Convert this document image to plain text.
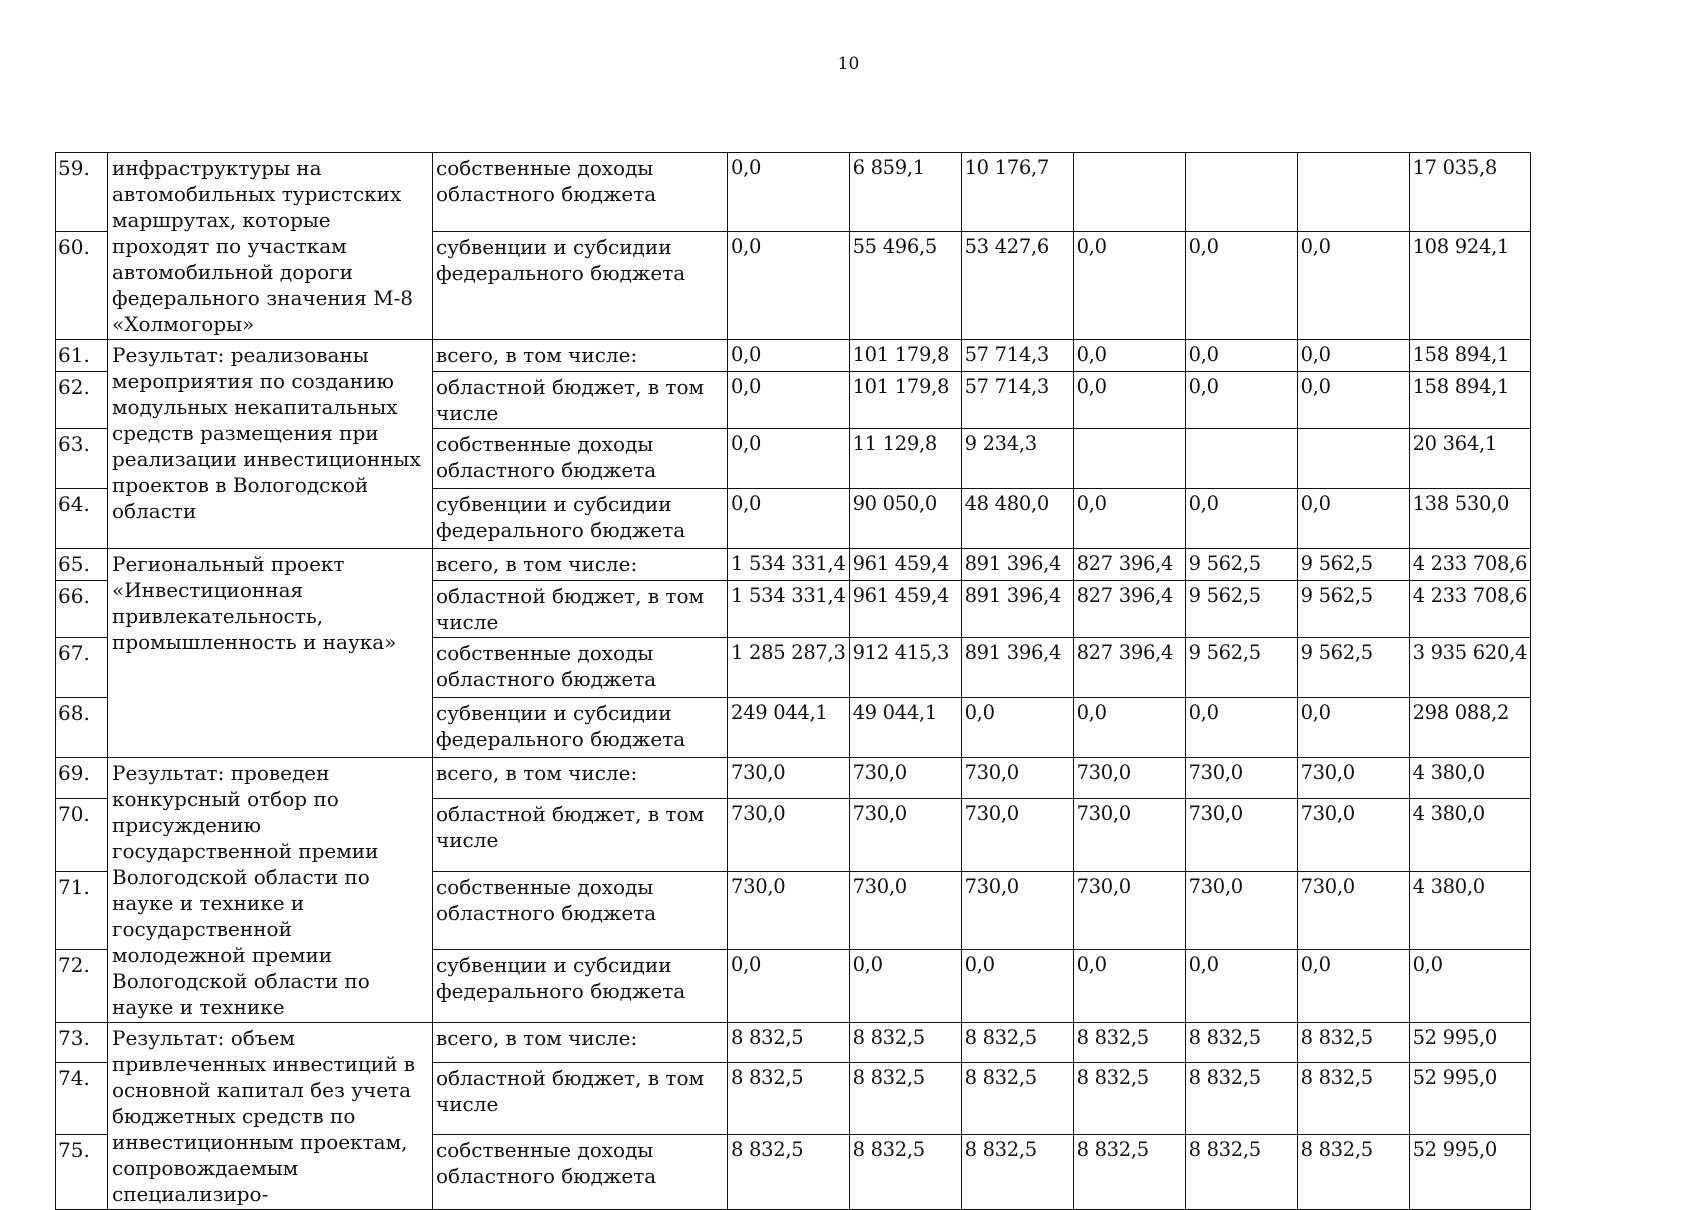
10
59.	инфраструктуры на автомобильных туристских маршрутах, которые проходят по участкам автомобильной дороги федерального значения М-8 «Холмогоры»	собственные доходы областного бюджета	0,0	6 859,1	10 176,7				17 035,8
60.		субвенции и субсидии федерального бюджета	0,0	55 496,5	53 427,6	0,0	0,0	0,0	108 924,1
61.	Результат: реализованы мероприятия по созданию модульных некапитальных средств размещения при реализации инвестиционных проектов в Вологодской области	всего, в том числе:	0,0	101 179,8	57 714,3	0,0	0,0	0,0	158 894,1
62.		областной бюджет, в том числе	0,0	101 179,8	57 714,3	0,0	0,0	0,0	158 894,1
63.		собственные доходы областного бюджета	0,0	11 129,8	9 234,3				20 364,1
64.		субвенции и субсидии федерального бюджета	0,0	90 050,0	48 480,0	0,0	0,0	0,0	138 530,0
65.	Региональный проект «Инвестиционная привлекательность, промышленность и наука»	всего, в том числе:	1 534 331,4	961 459,4	891 396,4	827 396,4	9 562,5	9 562,5	4 233 708,6
66.		областной бюджет, в том числе	1 534 331,4	961 459,4	891 396,4	827 396,4	9 562,5	9 562,5	4 233 708,6
67.		собственные доходы областного бюджета	1 285 287,3	912 415,3	891 396,4	827 396,4	9 562,5	9 562,5	3 935 620,4
68.		субвенции и субсидии федерального бюджета	249 044,1	49 044,1	0,0	0,0	0,0	0,0	298 088,2
69.	Результат: проведен конкурсный отбор по присуждению государственной премии Вологодской области по науке и технике и государственной молодежной премии Вологодской области по науке и технике	всего, в том числе:	730,0	730,0	730,0	730,0	730,0	730,0	4 380,0
70.		областной бюджет, в том числе	730,0	730,0	730,0	730,0	730,0	730,0	4 380,0
71.		собственные доходы областного бюджета	730,0	730,0	730,0	730,0	730,0	730,0	4 380,0
72.		субвенции и субсидии федерального бюджета	0,0	0,0	0,0	0,0	0,0	0,0	0,0
73.	Результат: объем привлеченных инвестиций в основной капитал без учета бюджетных средств по инвестиционным проектам, сопровождаемым специализиро-	всего, в том числе:	8 832,5	8 832,5	8 832,5	8 832,5	8 832,5	8 832,5	52 995,0
74.		областной бюджет, в том числе	8 832,5	8 832,5	8 832,5	8 832,5	8 832,5	8 832,5	52 995,0
75.		собственные доходы областного бюджета	8 832,5	8 832,5	8 832,5	8 832,5	8 832,5	8 832,5	52 995,0
